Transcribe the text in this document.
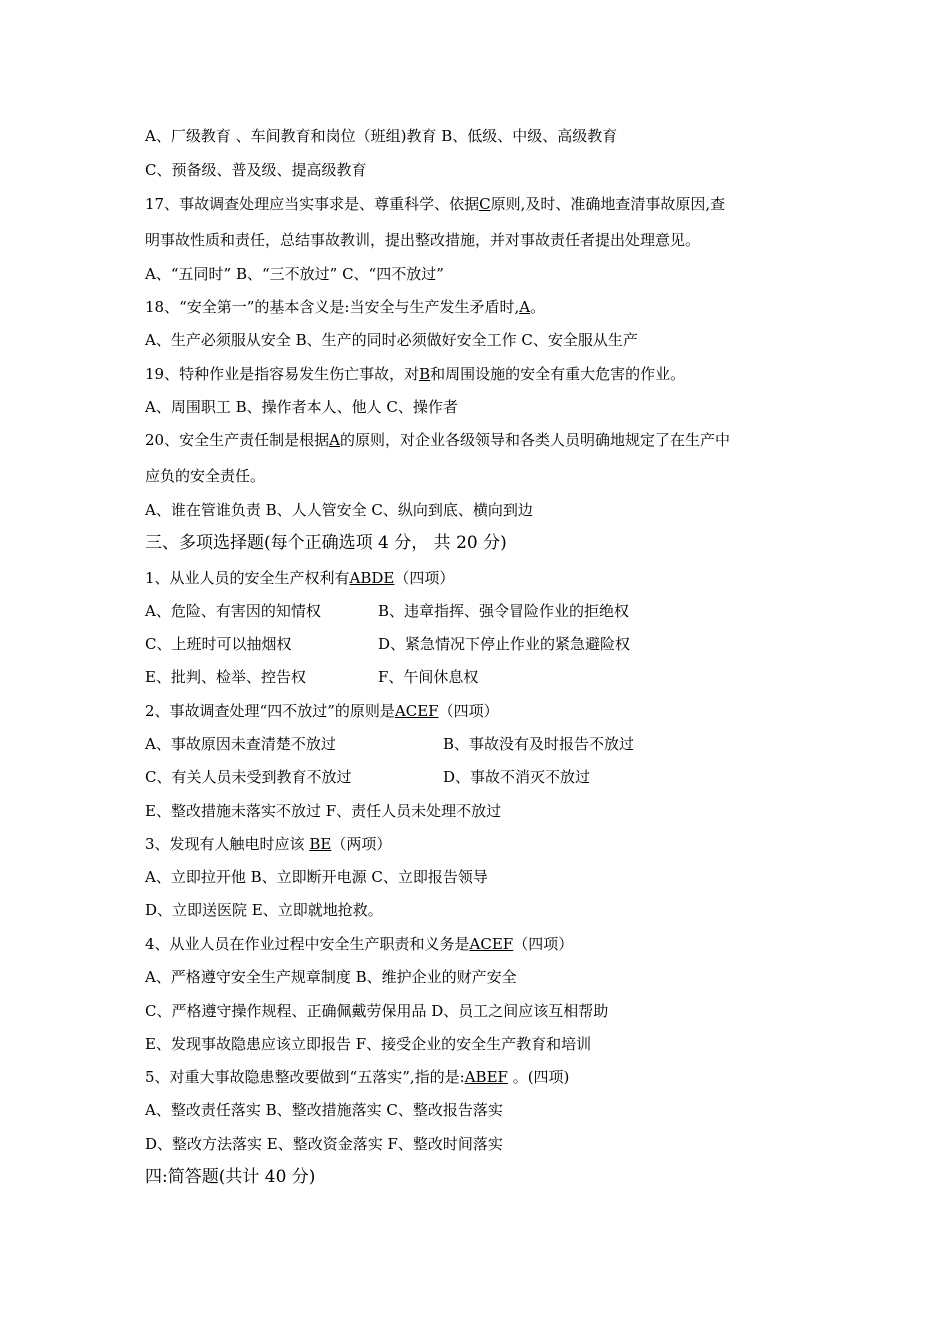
A、厂级教育 、车间教育和岗位（班组)教育 B、低级、中级、高级教育
C、预备级、普及级、提高级教育
17、事故调查处理应当实事求是、尊重科学、依据C原则,及时、准确地查清事故原因,查
明事故性质和责任，总结事故教训，提出整改措施，并对事故责任者提出处理意见。
A、“五同时” B、“三不放过” C、“四不放过”
18、“安全第一”的基本含义是:当安全与生产发生矛盾时,A。
A、生产必须服从安全 B、生产的同时必须做好安全工作 C、安全服从生产
19、特种作业是指容易发生伤亡事故，对B和周围设施的安全有重大危害的作业。
A、周围职工 B、操作者本人、他人 C、操作者
20、安全生产责任制是根据A的原则，对企业各级领导和各类人员明确地规定了在生产中
应负的安全责任。
A、谁在管谁负责 B、人人管安全 C、纵向到底、横向到边
三、多项选择题(每个正确选项 4 分， 共 20 分)
1、从业人员的安全生产权利有ABDE（四项）
A、危险、有害因的知情权	B、违章指挥、强令冒险作业的拒绝权
C、上班时可以抽烟权	D、紧急情况下停止作业的紧急避险权
E、批判、检举、控告权	F、午间休息权
2、事故调查处理“四不放过”的原则是ACEF（四项）
A、事故原因未查清楚不放过	B、事故没有及时报告不放过
C、有关人员未受到教育不放过	D、事故不消灭不放过
E、整改措施未落实不放过 F、责任人员未处理不放过
3、发现有人触电时应该 BE（两项）
A、立即拉开他 B、立即断开电源 C、立即报告领导
D、立即送医院 E、立即就地抢救。
4、从业人员在作业过程中安全生产职责和义务是ACEF（四项）
A、严格遵守安全生产规章制度 B、维护企业的财产安全
C、严格遵守操作规程、正确佩戴劳保用品 D、员工之间应该互相帮助
E、发现事故隐患应该立即报告 F、接受企业的安全生产教育和培训
5、对重大事故隐患整改要做到“五落实”,指的是:ABEF 。(四项)
A、整改责任落实 B、整改措施落实 C、整改报告落实
D、整改方法落实 E、整改资金落实 F、整改时间落实
四:简答题(共计 40 分)
